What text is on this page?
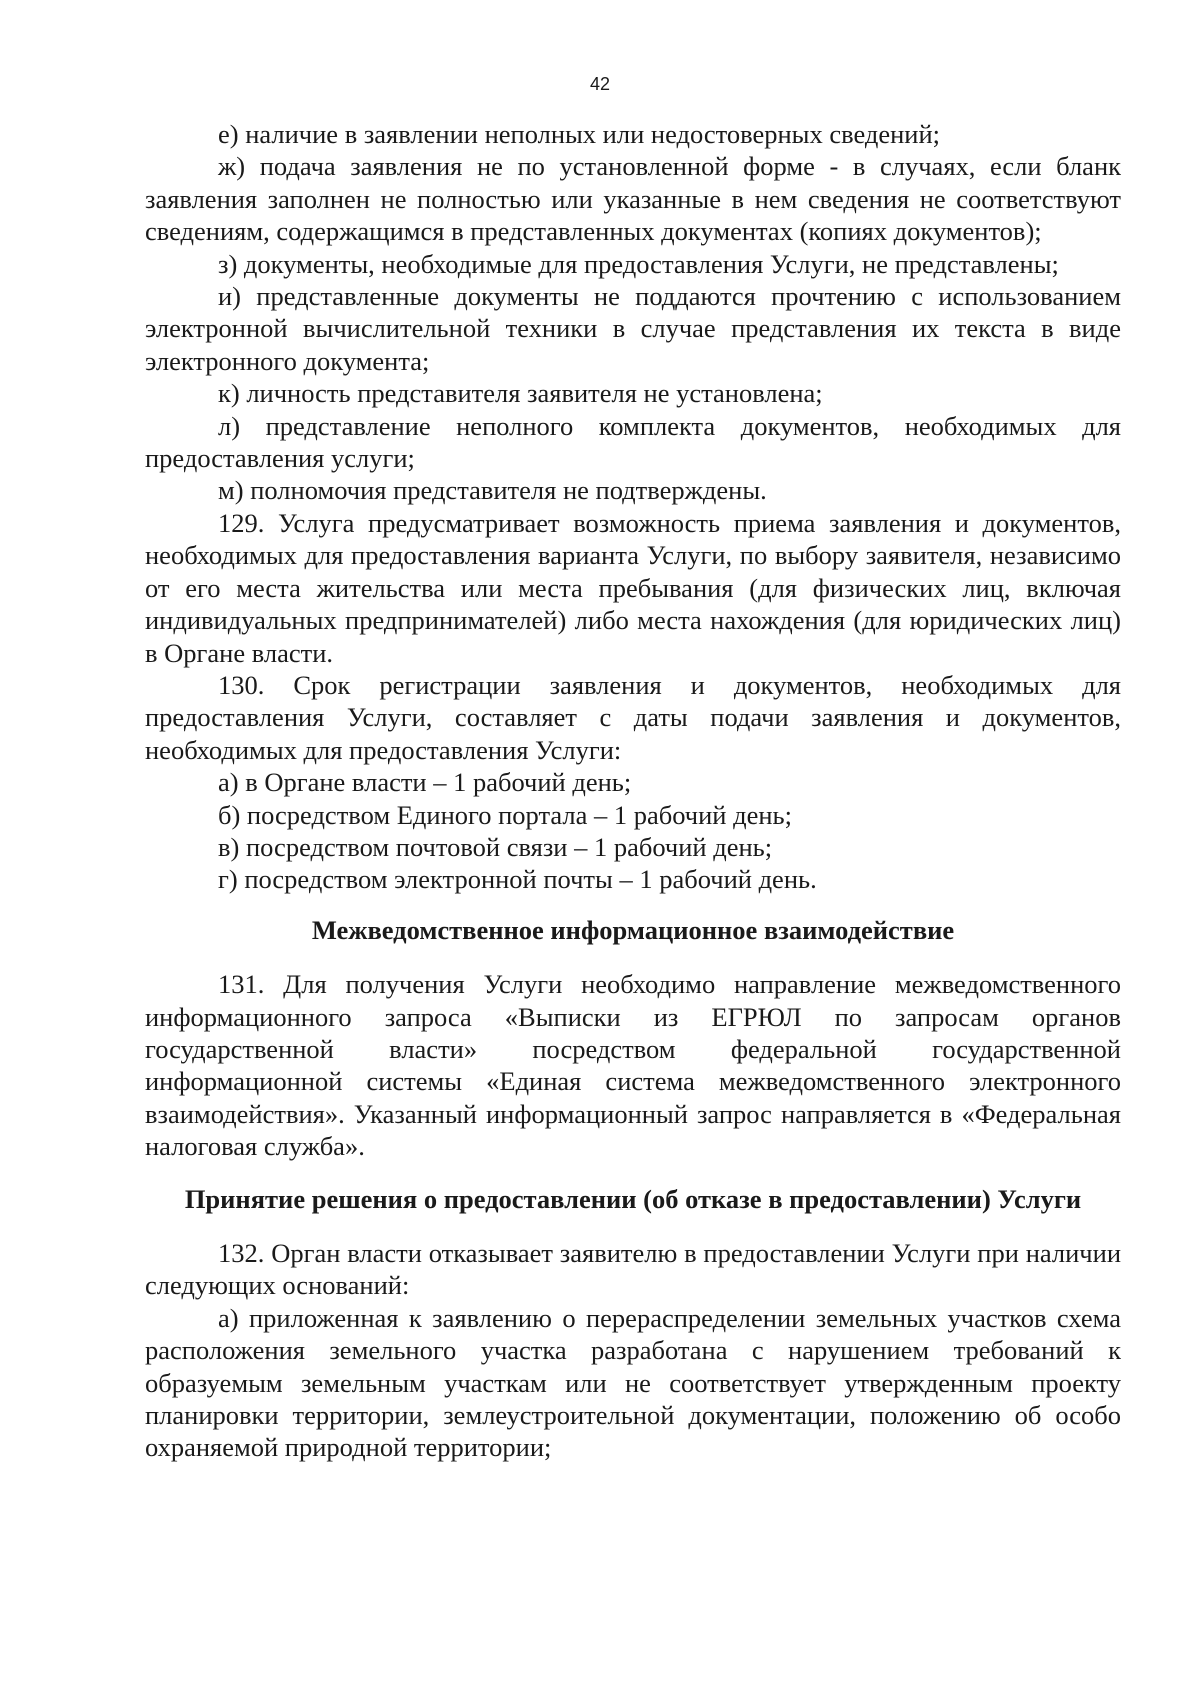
42

е) наличие в заявлении неполных или недостоверных сведений;

ж) подача заявления не по установленной форме - в случаях, если бланк заявления заполнен не полностью или указанные в нем сведения не соответствуют сведениям, содержащимся в представленных документах (копиях документов);

з) документы, необходимые для предоставления Услуги, не представлены;

и) представленные документы не поддаются прочтению с использованием электронной вычислительной техники в случае представления их текста в виде электронного документа;

к) личность представителя заявителя не установлена;

л) представление неполного комплекта документов, необходимых для предоставления услуги;

м) полномочия представителя не подтверждены.

129. Услуга предусматривает возможность приема заявления и документов, необходимых для предоставления варианта Услуги, по выбору заявителя, независимо от его места жительства или места пребывания (для физических лиц, включая индивидуальных предпринимателей) либо места нахождения (для юридических лиц) в Органе власти.

130. Срок регистрации заявления и документов, необходимых для предоставления Услуги, составляет с даты подачи заявления и документов, необходимых для предоставления Услуги:

а) в Органе власти – 1 рабочий день;

б) посредством Единого портала – 1 рабочий день;

в) посредством почтовой связи – 1 рабочий день;

г) посредством электронной почты – 1 рабочий день.

Межведомственное информационное взаимодействие

131. Для получения Услуги необходимо направление межведомственного информационного запроса «Выписки из ЕГРЮЛ по запросам органов государственной власти» посредством федеральной государственной информационной системы «Единая система межведомственного электронного взаимодействия». Указанный информационный запрос направляется в «Федеральная налоговая служба».

Принятие решения о предоставлении (об отказе в предоставлении) Услуги

132. Орган власти отказывает заявителю в предоставлении Услуги при наличии следующих оснований:

а) приложенная к заявлению о перераспределении земельных участков схема расположения земельного участка разработана с нарушением требований к образуемым земельным участкам или не соответствует утвержденным проекту планировки территории, землеустроительной документации, положению об особо охраняемой природной территории;
